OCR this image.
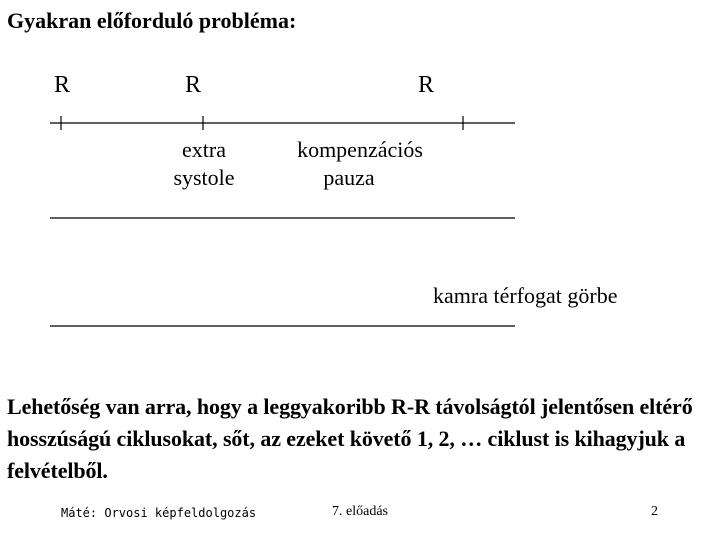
Gyakran előforduló probléma:
R	R	R
extra
systole
kompenzációs
pauza
kamra térfogat görbe
Lehetőség van arra, hogy a leggyakoribb R-R távolságtól jelentősen eltérő hosszúságú ciklusokat, sőt, az ezeket követő 1, 2, … ciklust is kihagyjuk a felvételből.
Máté: Orvosi képfeldolgozás	7. előadás	2
